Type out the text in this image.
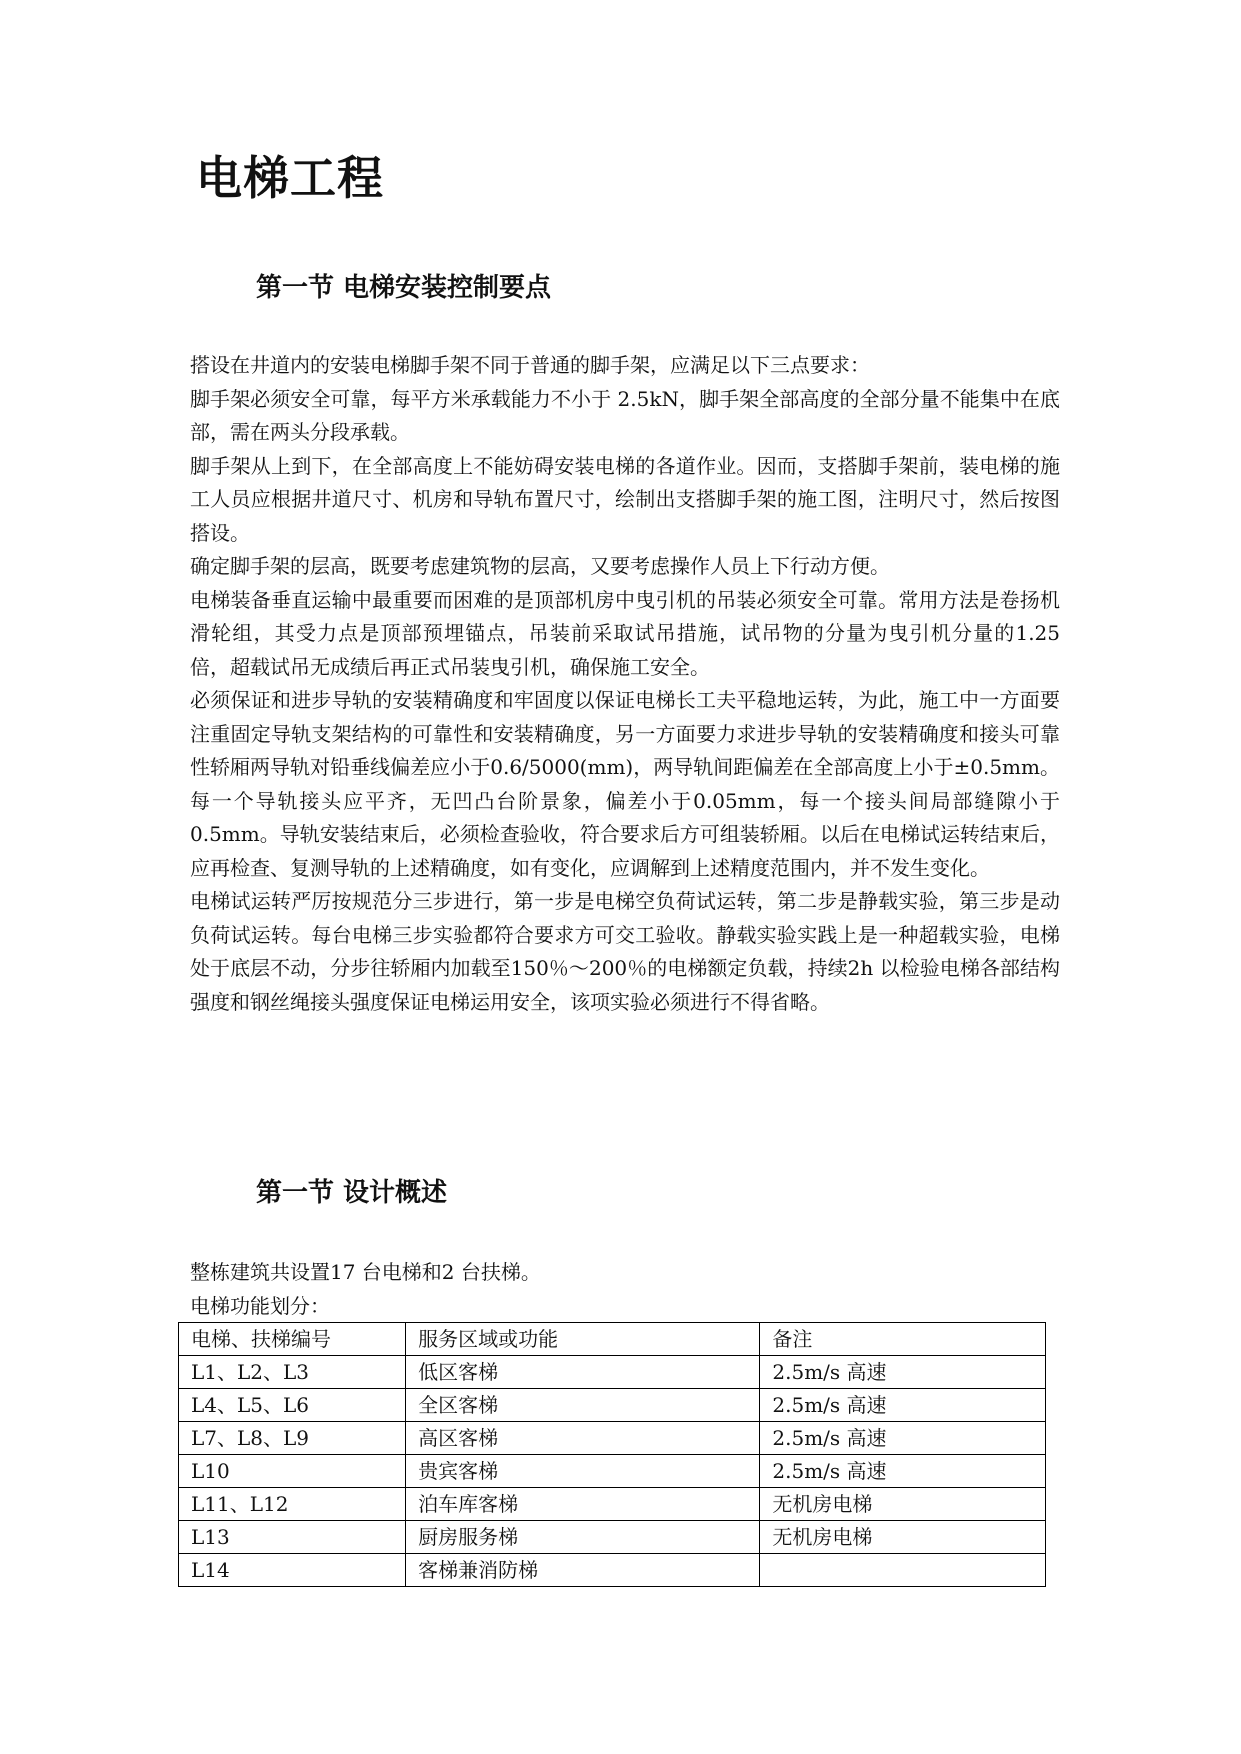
电梯工程
第一节 电梯安装控制要点

搭设在井道内的安装电梯脚手架不同于普通的脚手架，应满足以下三点要求：

脚手架必须安全可靠，每平方米承载能力不小于 2.5kN，脚手架全部高度的全部分量不能集中在底部，需在两头分段承载。

脚手架从上到下，在全部高度上不能妨碍安装电梯的各道作业。因而，支搭脚手架前，装电梯的施工人员应根据井道尺寸、机房和导轨布置尺寸，绘制出支搭脚手架的施工图，注明尺寸，然后按图搭设。

确定脚手架的层高，既要考虑建筑物的层高，又要考虑操作人员上下行动方便。

电梯装备垂直运输中最重要而困难的是顶部机房中曳引机的吊装必须安全可靠。常用方法是卷扬机滑轮组，其受力点是顶部预埋锚点，吊装前采取试吊措施，试吊物的分量为曳引机分量的1.25 倍，超载试吊无成绩后再正式吊装曳引机，确保施工安全。

必须保证和进步导轨的安装精确度和牢固度以保证电梯长工夫平稳地运转，为此，施工中一方面要注重固定导轨支架结构的可靠性和安装精确度，另一方面要力求进步导轨的安装精确度和接头可靠性轿厢两导轨对铅垂线偏差应小于0.6/5000(mm)，两导轨间距偏差在全部高度上小于±0.5mm。每一个导轨接头应平齐，无凹凸台阶景象，偏差小于0.05mm，每一个接头间局部缝隙小于0.5mm。导轨安装结束后，必须检查验收，符合要求后方可组装轿厢。以后在电梯试运转结束后，应再检查、复测导轨的上述精确度，如有变化，应调解到上述精度范围内，并不发生变化。

电梯试运转严厉按规范分三步进行，第一步是电梯空负荷试运转，第二步是静载实验，第三步是动负荷试运转。每台电梯三步实验都符合要求方可交工验收。静载实验实践上是一种超载实验，电梯处于底层不动，分步往轿厢内加载至150％～200％的电梯额定负载，持续2h 以检验电梯各部结构强度和钢丝绳接头强度保证电梯运用安全，该项实验必须进行不得省略。

第一节 设计概述

整栋建筑共设置17 台电梯和2 台扶梯。

电梯功能划分：

电梯、扶梯编号	服务区域或功能	备注
L1、L2、L3	低区客梯	2.5m/s 高速
L4、L5、L6	全区客梯	2.5m/s 高速
L7、L8、L9	高区客梯	2.5m/s 高速
L10	贵宾客梯	2.5m/s 高速
L11、L12	泊车库客梯	无机房电梯
L13	厨房服务梯	无机房电梯
L14	客梯兼消防梯	
